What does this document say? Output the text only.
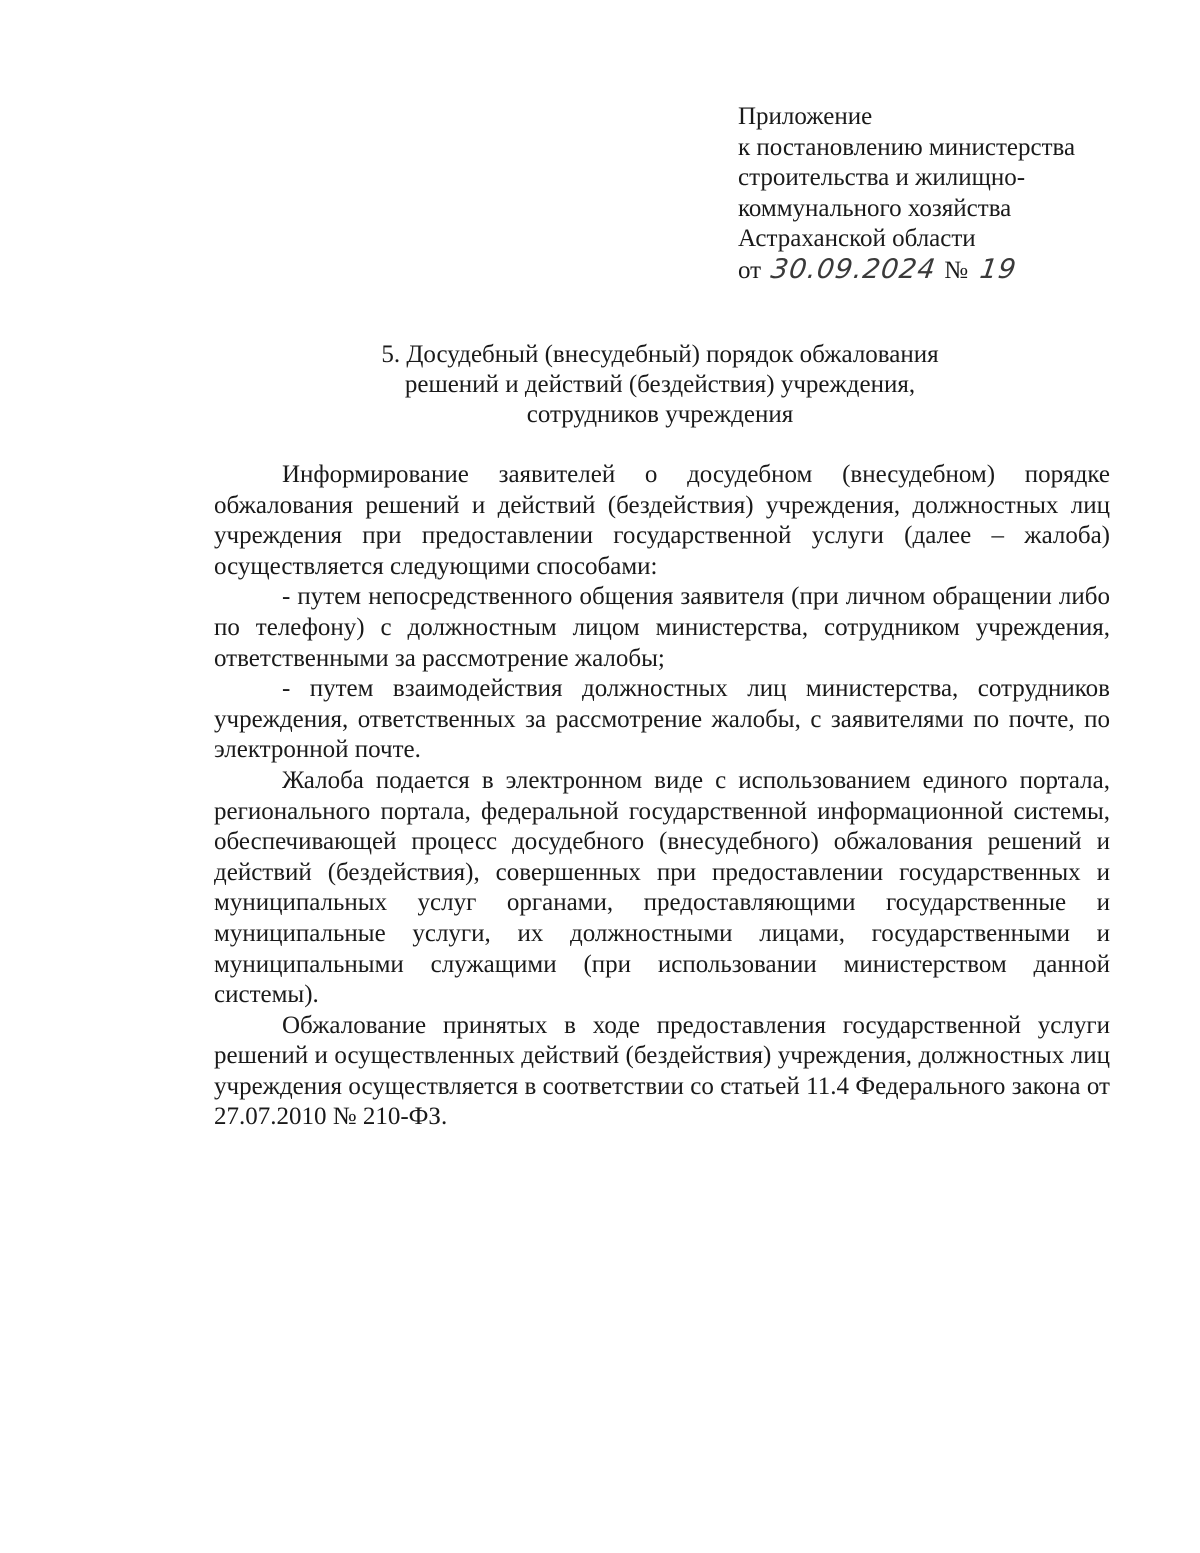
Приложение
к постановлению министерства
строительства и жилищно-
коммунального хозяйства
Астраханской области
от 30.09.2024 № 19
5. Досудебный (внесудебный) порядок обжалования
решений и действий (бездействия) учреждения,
сотрудников учреждения

Информирование заявителей о досудебном (внесудебном) порядке обжалования решений и действий (бездействия) учреждения, должностных лиц учреждения при предоставлении государственной услуги (далее – жалоба) осуществляется следующими способами:

- путем непосредственного общения заявителя (при личном обращении либо по телефону) с должностным лицом министерства, сотрудником учреждения, ответственными за рассмотрение жалобы;

- путем взаимодействия должностных лиц министерства, сотрудников учреждения, ответственных за рассмотрение жалобы, с заявителями по почте, по электронной почте.

Жалоба подается в электронном виде с использованием единого портала, регионального портала, федеральной государственной информационной системы, обеспечивающей процесс досудебного (внесудебного) обжалования решений и действий (бездействия), совершенных при предоставлении государственных и муниципальных услуг органами, предоставляющими государственные и муниципальные услуги, их должностными лицами, государственными и муниципальными служащими (при использовании министерством данной системы).

Обжалование принятых в ходе предоставления государственной услуги решений и осуществленных действий (бездействия) учреждения, должностных лиц учреждения осуществляется в соответствии со статьей 11.4 Федерального закона от 27.07.2010 № 210-ФЗ.
